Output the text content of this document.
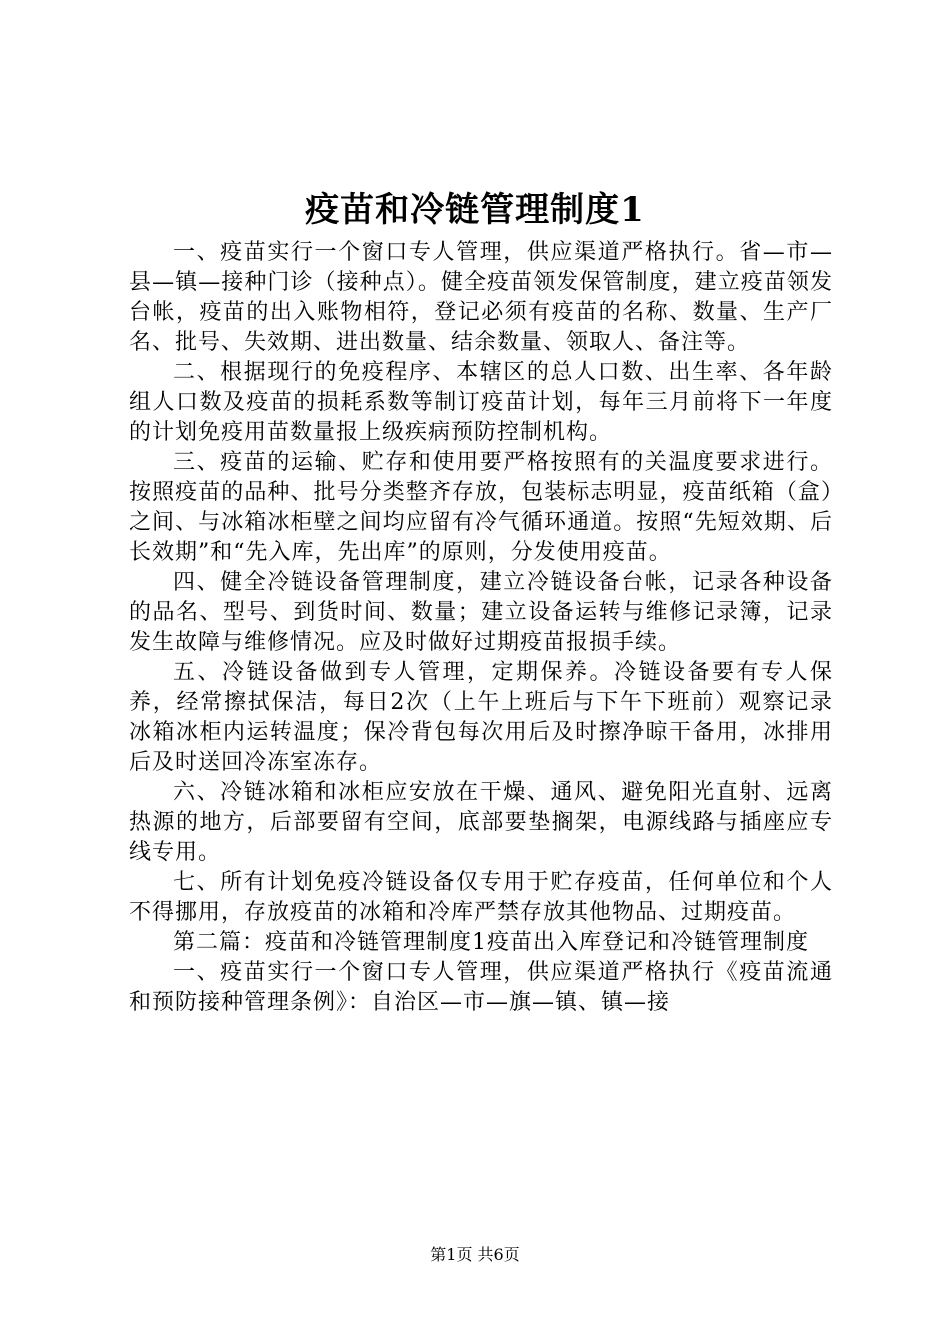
疫苗和冷链管理制度1

一、疫苗实行一个窗口专人管理，供应渠道严格执行。省—市—县—镇—接种门诊（接种点）。健全疫苗领发保管制度，建立疫苗领发台帐，疫苗的出入账物相符，登记必须有疫苗的名称、数量、生产厂名、批号、失效期、进出数量、结余数量、领取人、备注等。

二、根据现行的免疫程序、本辖区的总人口数、出生率、各年龄组人口数及疫苗的损耗系数等制订疫苗计划，每年三月前将下一年度的计划免疫用苗数量报上级疾病预防控制机构。

三、疫苗的运输、贮存和使用要严格按照有的关温度要求进行。按照疫苗的品种、批号分类整齐存放，包装标志明显，疫苗纸箱（盒）之间、与冰箱冰柜壁之间均应留有冷气循环通道。按照“先短效期、后长效期”和“先入库，先出库”的原则，分发使用疫苗。

四、健全冷链设备管理制度，建立冷链设备台帐，记录各种设备的品名、型号、到货时间、数量；建立设备运转与维修记录簿，记录发生故障与维修情况。应及时做好过期疫苗报损手续。

五、冷链设备做到专人管理，定期保养。冷链设备要有专人保养，经常擦拭保洁，每日2次（上午上班后与下午下班前）观察记录冰箱冰柜内运转温度；保冷背包每次用后及时擦净晾干备用，冰排用后及时送回冷冻室冻存。

六、冷链冰箱和冰柜应安放在干燥、通风、避免阳光直射、远离热源的地方，后部要留有空间，底部要垫搁架，电源线路与插座应专线专用。

七、所有计划免疫冷链设备仅专用于贮存疫苗，任何单位和个人不得挪用，存放疫苗的冰箱和冷库严禁存放其他物品、过期疫苗。

第二篇：疫苗和冷链管理制度1疫苗出入库登记和冷链管理制度

一、疫苗实行一个窗口专人管理，供应渠道严格执行《疫苗流通和预防接种管理条例》：自治区—市—旗—镇、镇—接

第1页 共6页
